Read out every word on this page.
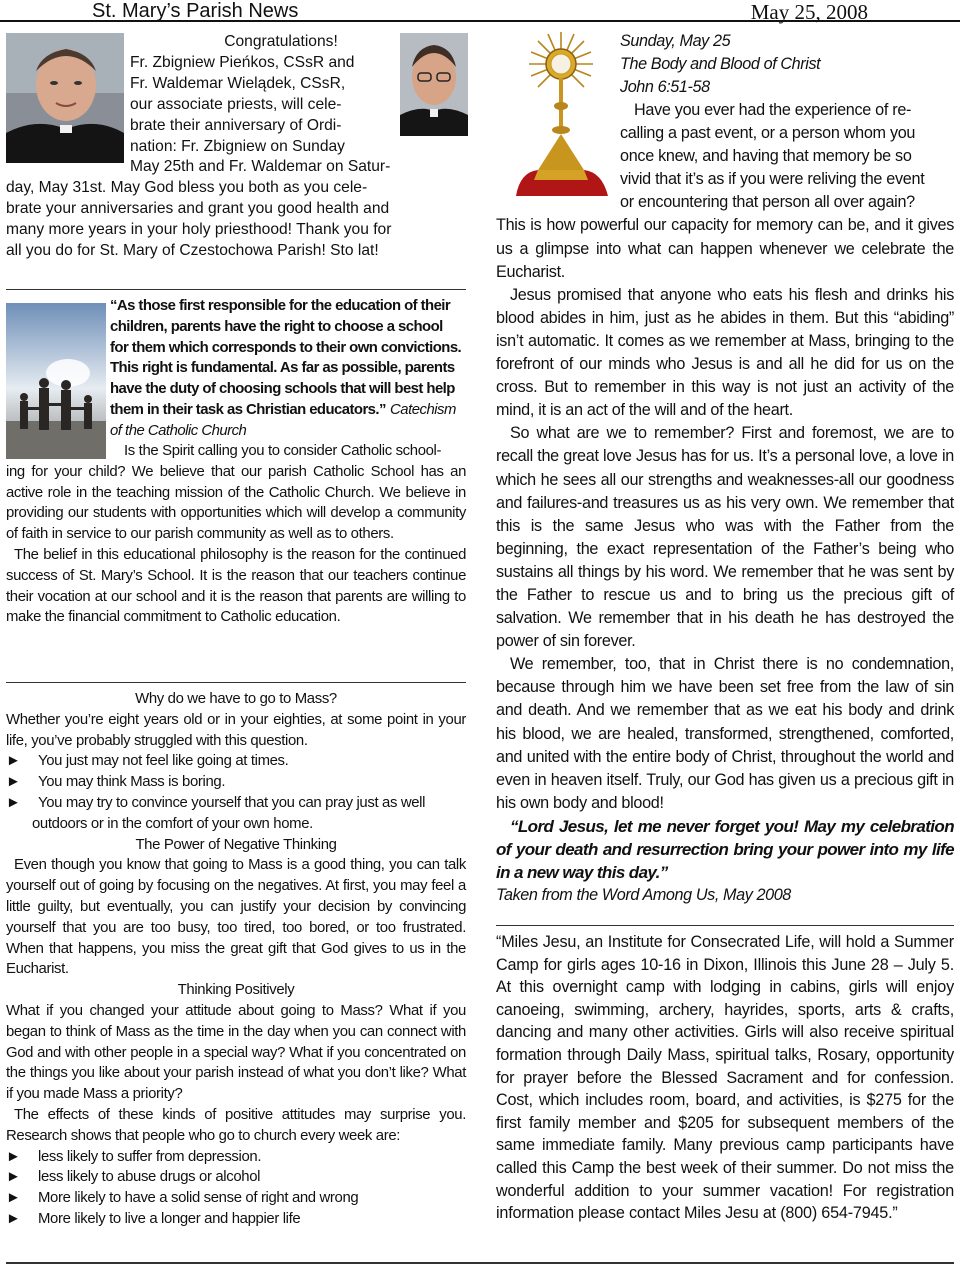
St. Mary’s Parish News	May 25, 2008
Congratulations!
Fr. Zbigniew Pieńkos, CSsR and
Fr. Waldemar Wielądek, CSsR,
our associate priests, will cele-
brate their anniversary of Ordi-
nation: Fr. Zbigniew on Sunday
May 25th and Fr. Waldemar on Satur-
day, May 31st. May God bless you both as you cele-
brate your anniversaries and grant you good health and
many more years in your holy priesthood! Thank you for
all you do for St. Mary of Czestochowa Parish! Sto lat!
“As those first responsible for the education of their
children, parents have the right to choose a school
for them which corresponds to their own convictions.
This right is fundamental. As far as possible, parents
have the duty of choosing schools that will best help
them in their task as Christian educators.” Catechism
of the Catholic Church
Is the Spirit calling you to consider Catholic school-
ing for your child? We believe that our parish Catholic School has an active role in the teaching mission of the Catholic Church. We believe in providing our students with opportunities which will develop a community of faith in service to our parish community as well as to others.
The belief in this educational philosophy is the reason for the continued success of St. Mary’s School. It is the reason that our teachers continue their vocation at our school and it is the reason that parents are willing to make the financial commitment to Catholic education.
Why do we have to go to Mass?
Whether you’re eight years old or in your eighties, at some point in your life, you’ve probably struggled with this question.
►	You just may not feel like going at times.
►	You may think Mass is boring.
►	You may try to convince yourself that you can pray just as well
outdoors or in the comfort of your own home.
The Power of Negative Thinking
Even though you know that going to Mass is a good thing, you can talk yourself out of going by focusing on the negatives. At first, you may feel a little guilty, but eventually, you can justify your decision by convincing yourself that you are too busy, too tired, too bored, or too frustrated. When that happens, you miss the great gift that God gives to us in the Eucharist.
Thinking Positively
What if you changed your attitude about going to Mass? What if you began to think of Mass as the time in the day when you can connect with God and with other people in a special way? What if you concentrated on the things you like about your parish instead of what you don’t like? What if you made Mass a priority?
The effects of these kinds of positive attitudes may surprise you. Research shows that people who go to church every week are:
►	less likely to suffer from depression.
►	less likely to abuse drugs or alcohol
►	More likely to have a solid sense of right and wrong
►	More likely to live a longer and happier life
Sunday, May 25
The Body and Blood of Christ
John 6:51-58
Have you ever had the experience of re-
calling a past event, or a person whom you
once knew, and having that memory be so
vivid that it’s as if you were reliving the event
or encountering that person all over again?
This is how powerful our capacity for memory can be, and it gives us a glimpse into what can happen whenever we celebrate the Eucharist.
Jesus promised that anyone who eats his flesh and drinks his blood abides in him, just as he abides in them. But this “abiding” isn’t automatic. It comes as we remember at Mass, bringing to the forefront of our minds who Jesus is and all he did for us on the cross. But to remember in this way is not just an activity of the mind, it is an act of the will and of the heart.
So what are we to remember? First and foremost, we are to recall the great love Jesus has for us. It’s a personal love, a love in which he sees all our strengths and weaknesses-all our goodness and failures-and treasures us as his very own. We remember that this is the same Jesus who was with the Father from the beginning, the exact representation of the Father’s being who sustains all things by his word. We remember that he was sent by the Father to rescue us and to bring us the precious gift of salvation. We remember that in his death he has destroyed the power of sin forever.
We remember, too, that in Christ there is no condemnation, because through him we have been set free from the law of sin and death. And we remember that as we eat his body and drink his blood, we are healed, transformed, strengthened, comforted, and united with the entire body of Christ, throughout the world and even in heaven itself. Truly, our God has given us a precious gift in his own body and blood!
“Lord Jesus, let me never forget you! May my celebration of your death and resurrection bring your power into my life in a new way this day.”
Taken from the Word Among Us, May 2008
“Miles Jesu, an Institute for Consecrated Life, will hold a Summer Camp for girls ages 10-16 in Dixon, Illinois this June 28 – July 5. At this overnight camp with lodging in cabins, girls will enjoy canoeing, swimming, archery, hayrides, sports, arts & crafts, dancing and many other activities. Girls will also receive spiritual formation through Daily Mass, spiritual talks, Rosary, opportunity for prayer before the Blessed Sacrament and for confession. Cost, which includes room, board, and activities, is $275 for the first family member and $205 for subsequent members of the same immediate family. Many previous camp participants have called this Camp the best week of their summer. Do not miss the wonderful addition to your summer vacation! For registration information please contact Miles Jesu at (800) 654-7945.”
